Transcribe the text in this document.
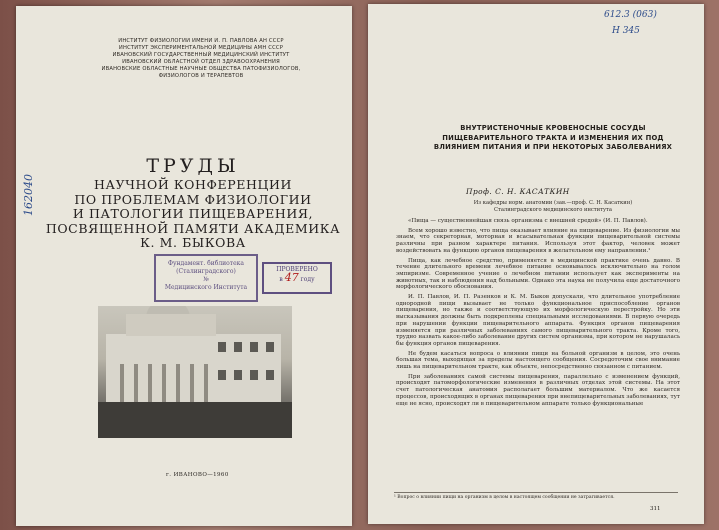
ИНСТИТУТ ФИЗИОЛОГИИ ИМЕНИ И. П. ПАВЛОВА АН СССР
ИНСТИТУТ ЭКСПЕРИМЕНТАЛЬНОЙ МЕДИЦИНЫ АМН СССР
ИВАНОВСКИЙ ГОСУДАРСТВЕННЫЙ МЕДИЦИНСКИЙ ИНСТИТУТ
ИВАНОВСКИЙ ОБЛАСТНОЙ ОТДЕЛ ЗДРАВООХРАНЕНИЯ
ИВАНОВСКИЕ ОБЛАСТНЫЕ НАУЧНЫЕ ОБЩЕСТВА ПАТОФИЗИОЛОГОВ,
ФИЗИОЛОГОВ И ТЕРАПЕВТОВ
ТРУДЫ
НАУЧНОЙ КОНФЕРЕНЦИИ
ПО ПРОБЛЕМАМ ФИЗИОЛОГИИ
И ПАТОЛОГИИ ПИЩЕВАРЕНИЯ,
ПОСВЯЩЕННОЙ ПАМЯТИ АКАДЕМИКА
К. М. БЫКОВА
162040
Фундамент. библиотека
(Сталинградского)
№
Медицинского Института
ПРОВЕРЕНО
в 47 году
г. ИВАНОВО—1960
612.3 (063)
Н 345
ВНУТРИСТЕНОЧНЫЕ КРОВЕНОСНЫЕ СОСУДЫ
ПИЩЕВАРИТЕЛЬНОГО ТРАКТА И ИЗМЕНЕНИЯ ИХ ПОД
ВЛИЯНИЕМ ПИТАНИЯ И ПРИ НЕКОТОРЫХ ЗАБОЛЕВАНИЯХ
Проф. С. Н. КАСАТКИН
Из кафедры норм. анатомии (зав.—проф. С. Н. Касаткин)
Сталинградского медицинского института

«Пища — существеннейшая связь организма с внешней средой» (И. П. Павлов).

Всем хорошо известно, что пища оказывает влияние на пищеварение. Из физиологии мы знаем, что секреторная, моторная и всасывательная функции пищеварительной системы различны при разном характере питания. Используя этот фактор, человек может воздействовать на функцию органов пищеварения в желательном ему направлении.¹

Пища, как лечебное средство, применяется в медицинской практике очень давно. В течение длительного времени лечебное питание основывалось исключительно на голом эмпиризме. Современное учение о лечебном питании использует как эксперименты на животных, так и наблюдения над больными. Однако эта наука не получила еще достаточного морфологического обоснования.

И. П. Павлов, И. П. Разенков и К. М. Быков допускали, что длительное употребление однородной пищи вызывает не только функциональное приспособление органов пищеварения, но также и соответствующую их морфологическую перестройку. Но эти высказывания должны быть подкреплены специальными исследованиями. В первую очередь при нарушении функции пищеварительного аппарата. Функция органов пищеварения изменяется при различных заболеваниях самого пищеварительного тракта. Кроме того, трудно назвать какое-либо заболевание других систем организма, при котором не нарушалась бы функция органов пищеварения.

Не будем касаться вопроса о влиянии пищи на больной организм в целом, это очень большая тема, выходящая за пределы настоящего сообщения. Сосредоточим свое внимание лишь на пищеварительном тракте, как объекте, непосредственно связанном с питанием.

При заболеваниях самой системы пищеварения, параллельно с изменением функций, происходят патоморфологические изменения в различных отделах этой системы. На этот счет патологическая анатомия располагает большим материалом. Что же касается процессов, происходящих в органах пищеварения при внепищеварительных заболеваниях, тут еще не ясно, происходят ли в пищеварительном аппарате только функциональные

¹ Вопрос о влиянии пищи на организм в целом в настоящем сообщении не затрагивается.
311
